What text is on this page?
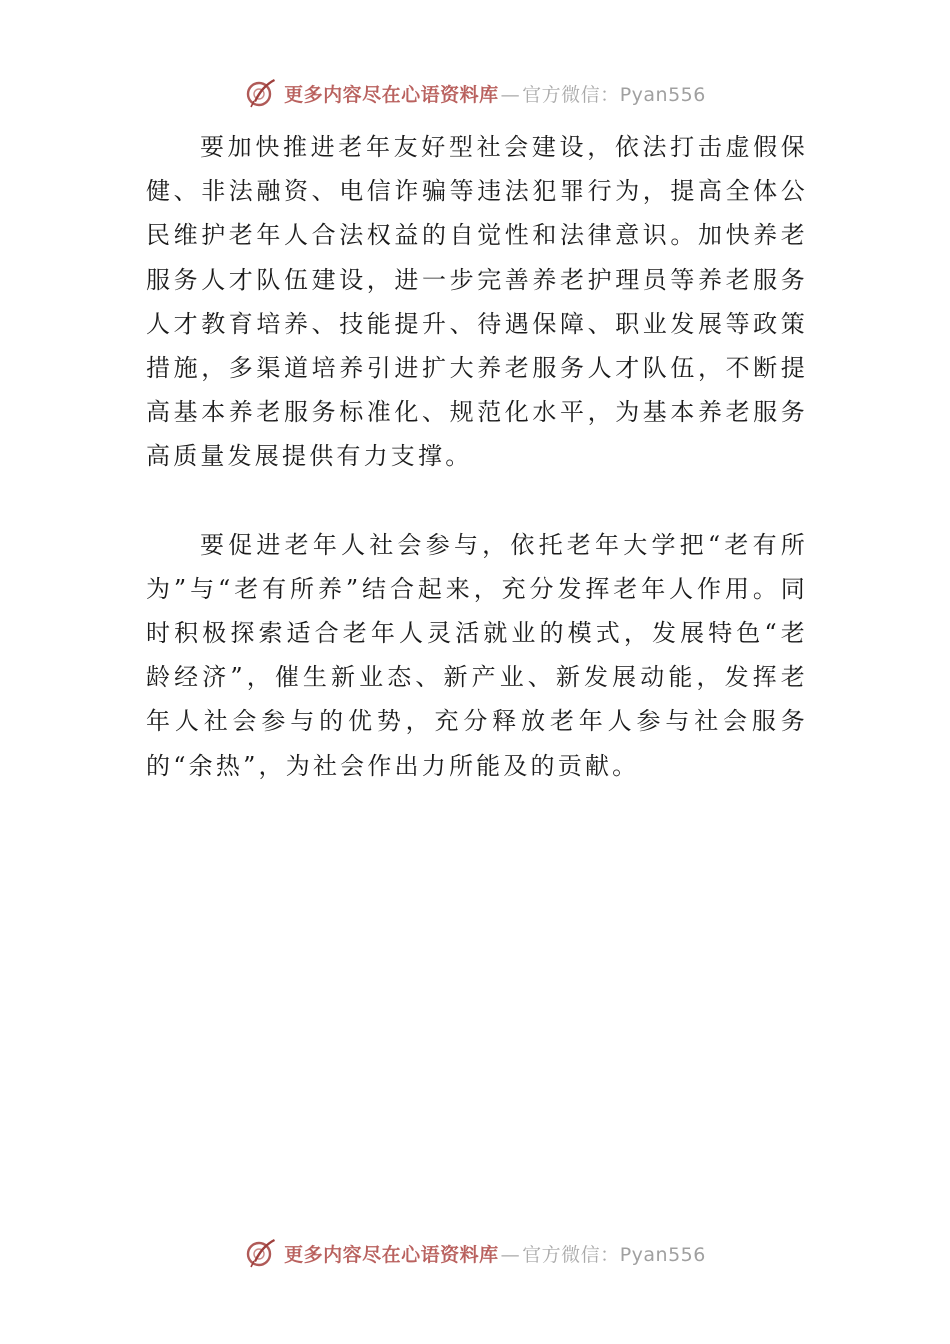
更多内容尽在心语资料库 — 官方微信：Pyan556

要加快推进老年友好型社会建设，依法打击虚假保健、非法融资、电信诈骗等违法犯罪行为，提高全体公民维护老年人合法权益的自觉性和法律意识。加快养老服务人才队伍建设，进一步完善养老护理员等养老服务人才教育培养、技能提升、待遇保障、职业发展等政策措施，多渠道培养引进扩大养老服务人才队伍，不断提高基本养老服务标准化、规范化水平，为基本养老服务高质量发展提供有力支撑。

要促进老年人社会参与，依托老年大学把“老有所为”与“老有所养”结合起来，充分发挥老年人作用。同时积极探索适合老年人灵活就业的模式，发展特色“老龄经济”，催生新业态、新产业、新发展动能，发挥老年人社会参与的优势，充分释放老年人参与社会服务的“余热”，为社会作出力所能及的贡献。

更多内容尽在心语资料库 — 官方微信：Pyan556
